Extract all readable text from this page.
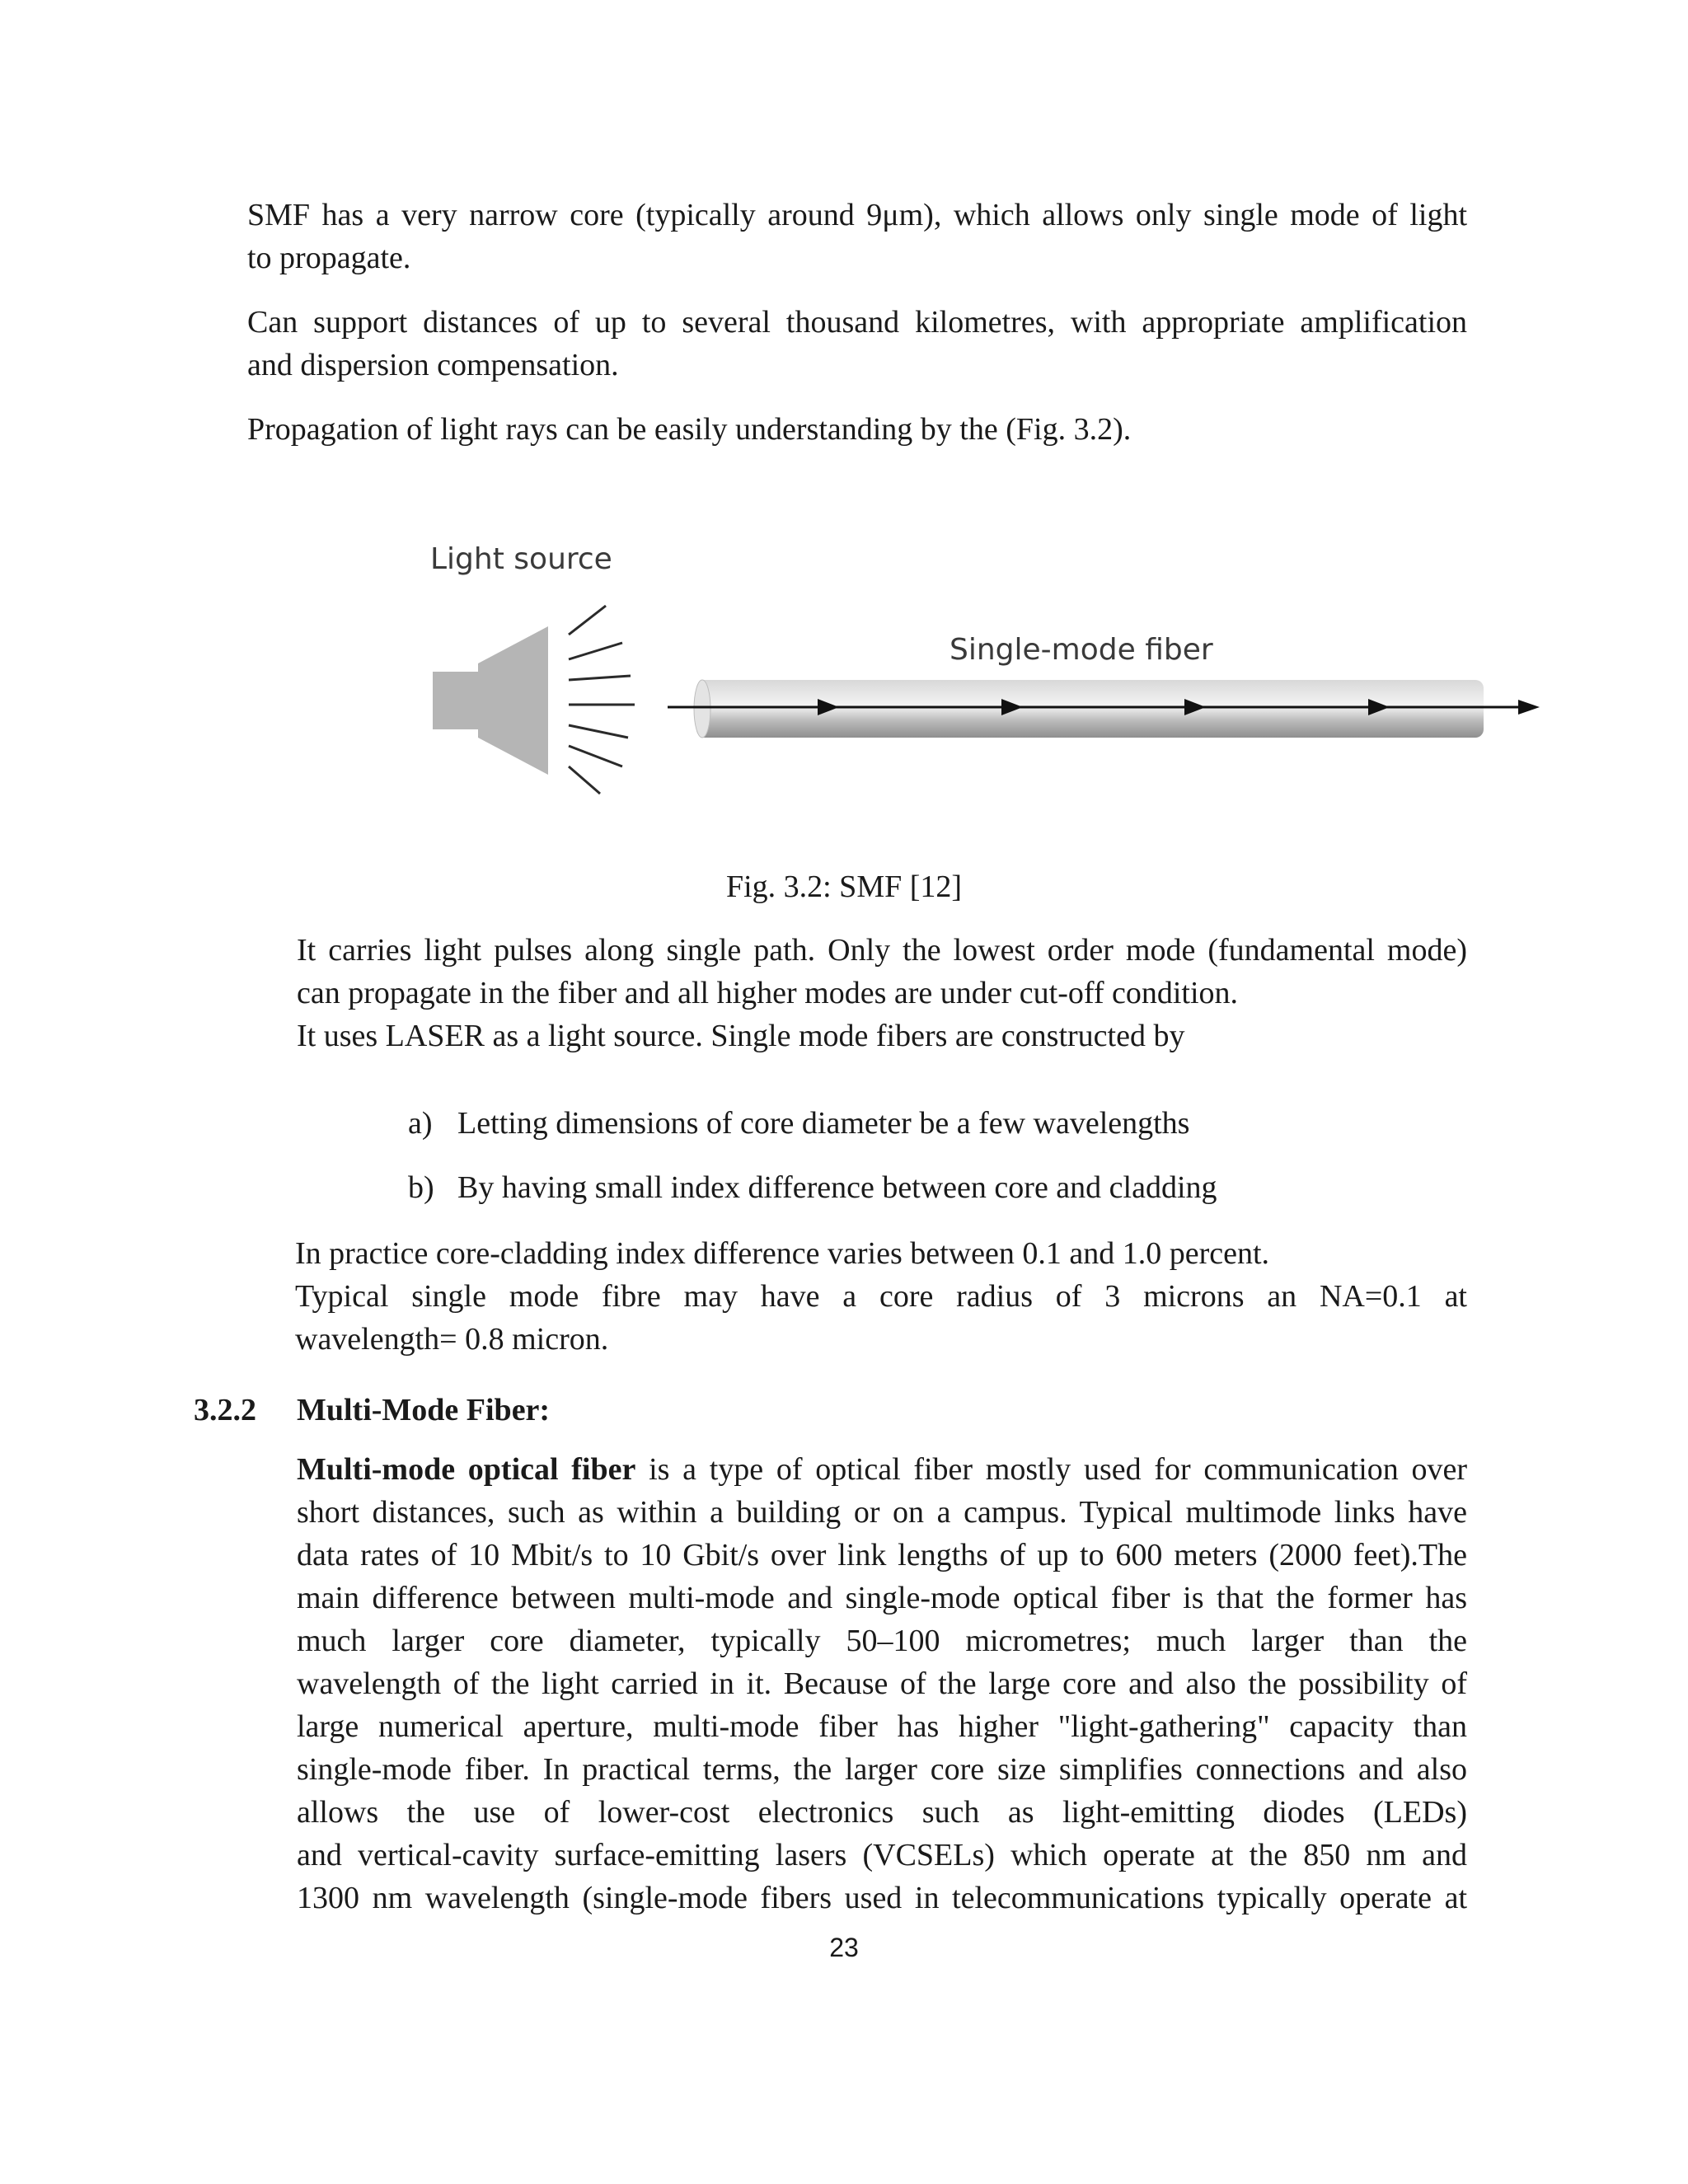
SMF has a very narrow core (typically around 9μm), which allows only single mode of light
to propagate.
Can support distances of up to several thousand kilometres, with appropriate amplification
and dispersion compensation.
Propagation of light rays can be easily understanding by the (Fig. 3.2).
Light source
Single-mode fiber
Fig. 3.2: SMF [12]
It carries light pulses along single path. Only the lowest order mode (fundamental mode)
can propagate in the fiber and all higher modes are under cut-off condition.
It uses LASER as a light source. Single mode fibers are constructed by
a) Letting dimensions of core diameter be a few wavelengths
b) By having small index difference between core and cladding
In practice core-cladding index difference varies between 0.1 and 1.0 percent.
Typical single mode fibre may have a core radius of 3 microns an NA=0.1 at
wavelength= 0.8 micron.
3.2.2 Multi-Mode Fiber:
Multi-mode optical fiber is a type of optical fiber mostly used for communication over
short distances, such as within a building or on a campus. Typical multimode links have
data rates of 10 Mbit/s to 10 Gbit/s over link lengths of up to 600 meters (2000 feet).The
main difference between multi-mode and single-mode optical fiber is that the former has
much larger core diameter, typically 50–100 micrometres; much larger than the
wavelength of the light carried in it. Because of the large core and also the possibility of
large numerical aperture, multi-mode fiber has higher "light-gathering" capacity than
single-mode fiber. In practical terms, the larger core size simplifies connections and also
allows the use of lower-cost electronics such as light-emitting diodes (LEDs)
and vertical-cavity surface-emitting lasers (VCSELs) which operate at the 850 nm and
1300 nm wavelength (single-mode fibers used in telecommunications typically operate at
23
